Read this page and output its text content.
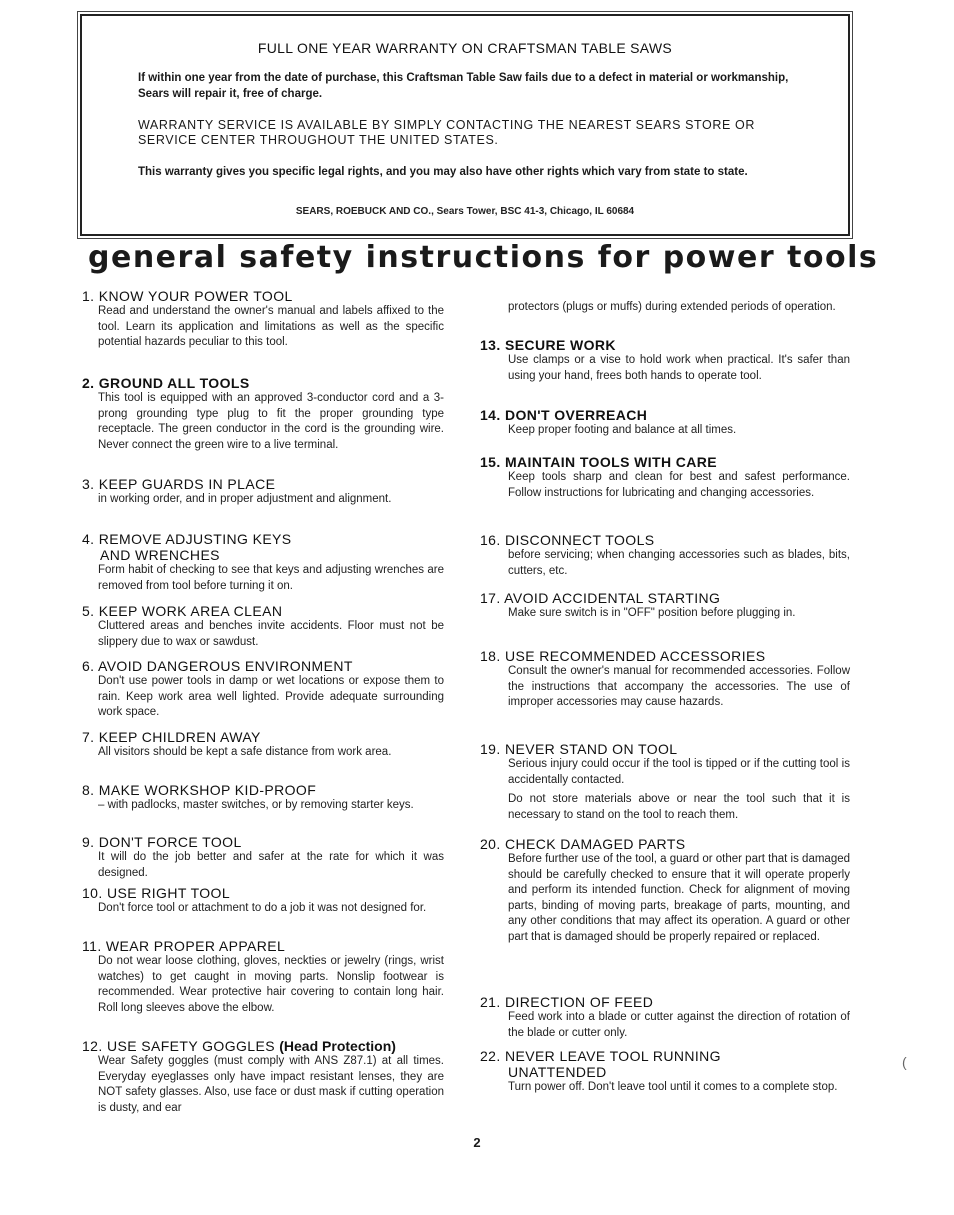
FULL ONE YEAR WARRANTY ON CRAFTSMAN TABLE SAWS
If within one year from the date of purchase, this Craftsman Table Saw fails due to a defect in material or workmanship, Sears will repair it, free of charge.
WARRANTY SERVICE IS AVAILABLE BY SIMPLY CONTACTING THE NEAREST SEARS STORE OR SERVICE CENTER THROUGHOUT THE UNITED STATES.
This warranty gives you specific legal rights, and you may also have other rights which vary from state to state.
SEARS, ROEBUCK AND CO., Sears Tower, BSC 41-3, Chicago, IL 60684
general safety instructions for power tools
1. KNOW YOUR POWER TOOL
Read and understand the owner's manual and labels affixed to the tool. Learn its application and limitations as well as the specific potential hazards peculiar to this tool.
2. GROUND ALL TOOLS
This tool is equipped with an approved 3-conductor cord and a 3-prong grounding type plug to fit the proper grounding type receptacle. The green conductor in the cord is the grounding wire. Never connect the green wire to a live terminal.
3. KEEP GUARDS IN PLACE
in working order, and in proper adjustment and alignment.
4. REMOVE ADJUSTING KEYS
AND WRENCHES
Form habit of checking to see that keys and adjusting wrenches are removed from tool before turning it on.
5. KEEP WORK AREA CLEAN
Cluttered areas and benches invite accidents. Floor must not be slippery due to wax or sawdust.
6. AVOID DANGEROUS ENVIRONMENT
Don't use power tools in damp or wet locations or expose them to rain. Keep work area well lighted. Provide adequate surrounding work space.
7. KEEP CHILDREN AWAY
All visitors should be kept a safe distance from work area.
8. MAKE WORKSHOP KID-PROOF
– with padlocks, master switches, or by removing starter keys.
9. DON'T FORCE TOOL
It will do the job better and safer at the rate for which it was designed.
10. USE RIGHT TOOL
Don't force tool or attachment to do a job it was not designed for.
11. WEAR PROPER APPAREL
Do not wear loose clothing, gloves, neckties or jewelry (rings, wrist watches) to get caught in moving parts. Nonslip footwear is recommended. Wear protective hair covering to contain long hair. Roll long sleeves above the elbow.
12. USE SAFETY GOGGLES (Head Protection)
Wear Safety goggles (must comply with ANS Z87.1) at all times. Everyday eyeglasses only have impact resistant lenses, they are NOT safety glasses. Also, use face or dust mask if cutting operation is dusty, and ear
protectors (plugs or muffs) during extended periods of operation.
13. SECURE WORK
Use clamps or a vise to hold work when practical. It's safer than using your hand, frees both hands to operate tool.
14. DON'T OVERREACH
Keep proper footing and balance at all times.
15. MAINTAIN TOOLS WITH CARE
Keep tools sharp and clean for best and safest performance. Follow instructions for lubricating and changing accessories.
16. DISCONNECT TOOLS
before servicing; when changing accessories such as blades, bits, cutters, etc.
17. AVOID ACCIDENTAL STARTING
Make sure switch is in "OFF" position before plugging in.
18. USE RECOMMENDED ACCESSORIES
Consult the owner's manual for recommended accessories. Follow the instructions that accompany the accessories. The use of improper accessories may cause hazards.
19. NEVER STAND ON TOOL
Serious injury could occur if the tool is tipped or if the cutting tool is accidentally contacted.
Do not store materials above or near the tool such that it is necessary to stand on the tool to reach them.
20. CHECK DAMAGED PARTS
Before further use of the tool, a guard or other part that is damaged should be carefully checked to ensure that it will operate properly and perform its intended function. Check for alignment of moving parts, binding of moving parts, breakage of parts, mounting, and any other conditions that may affect its operation. A guard or other part that is damaged should be properly repaired or replaced.
21. DIRECTION OF FEED
Feed work into a blade or cutter against the direction of rotation of the blade or cutter only.
22. NEVER LEAVE TOOL RUNNING
UNATTENDED
Turn power off. Don't leave tool until it comes to a complete stop.
2
(
